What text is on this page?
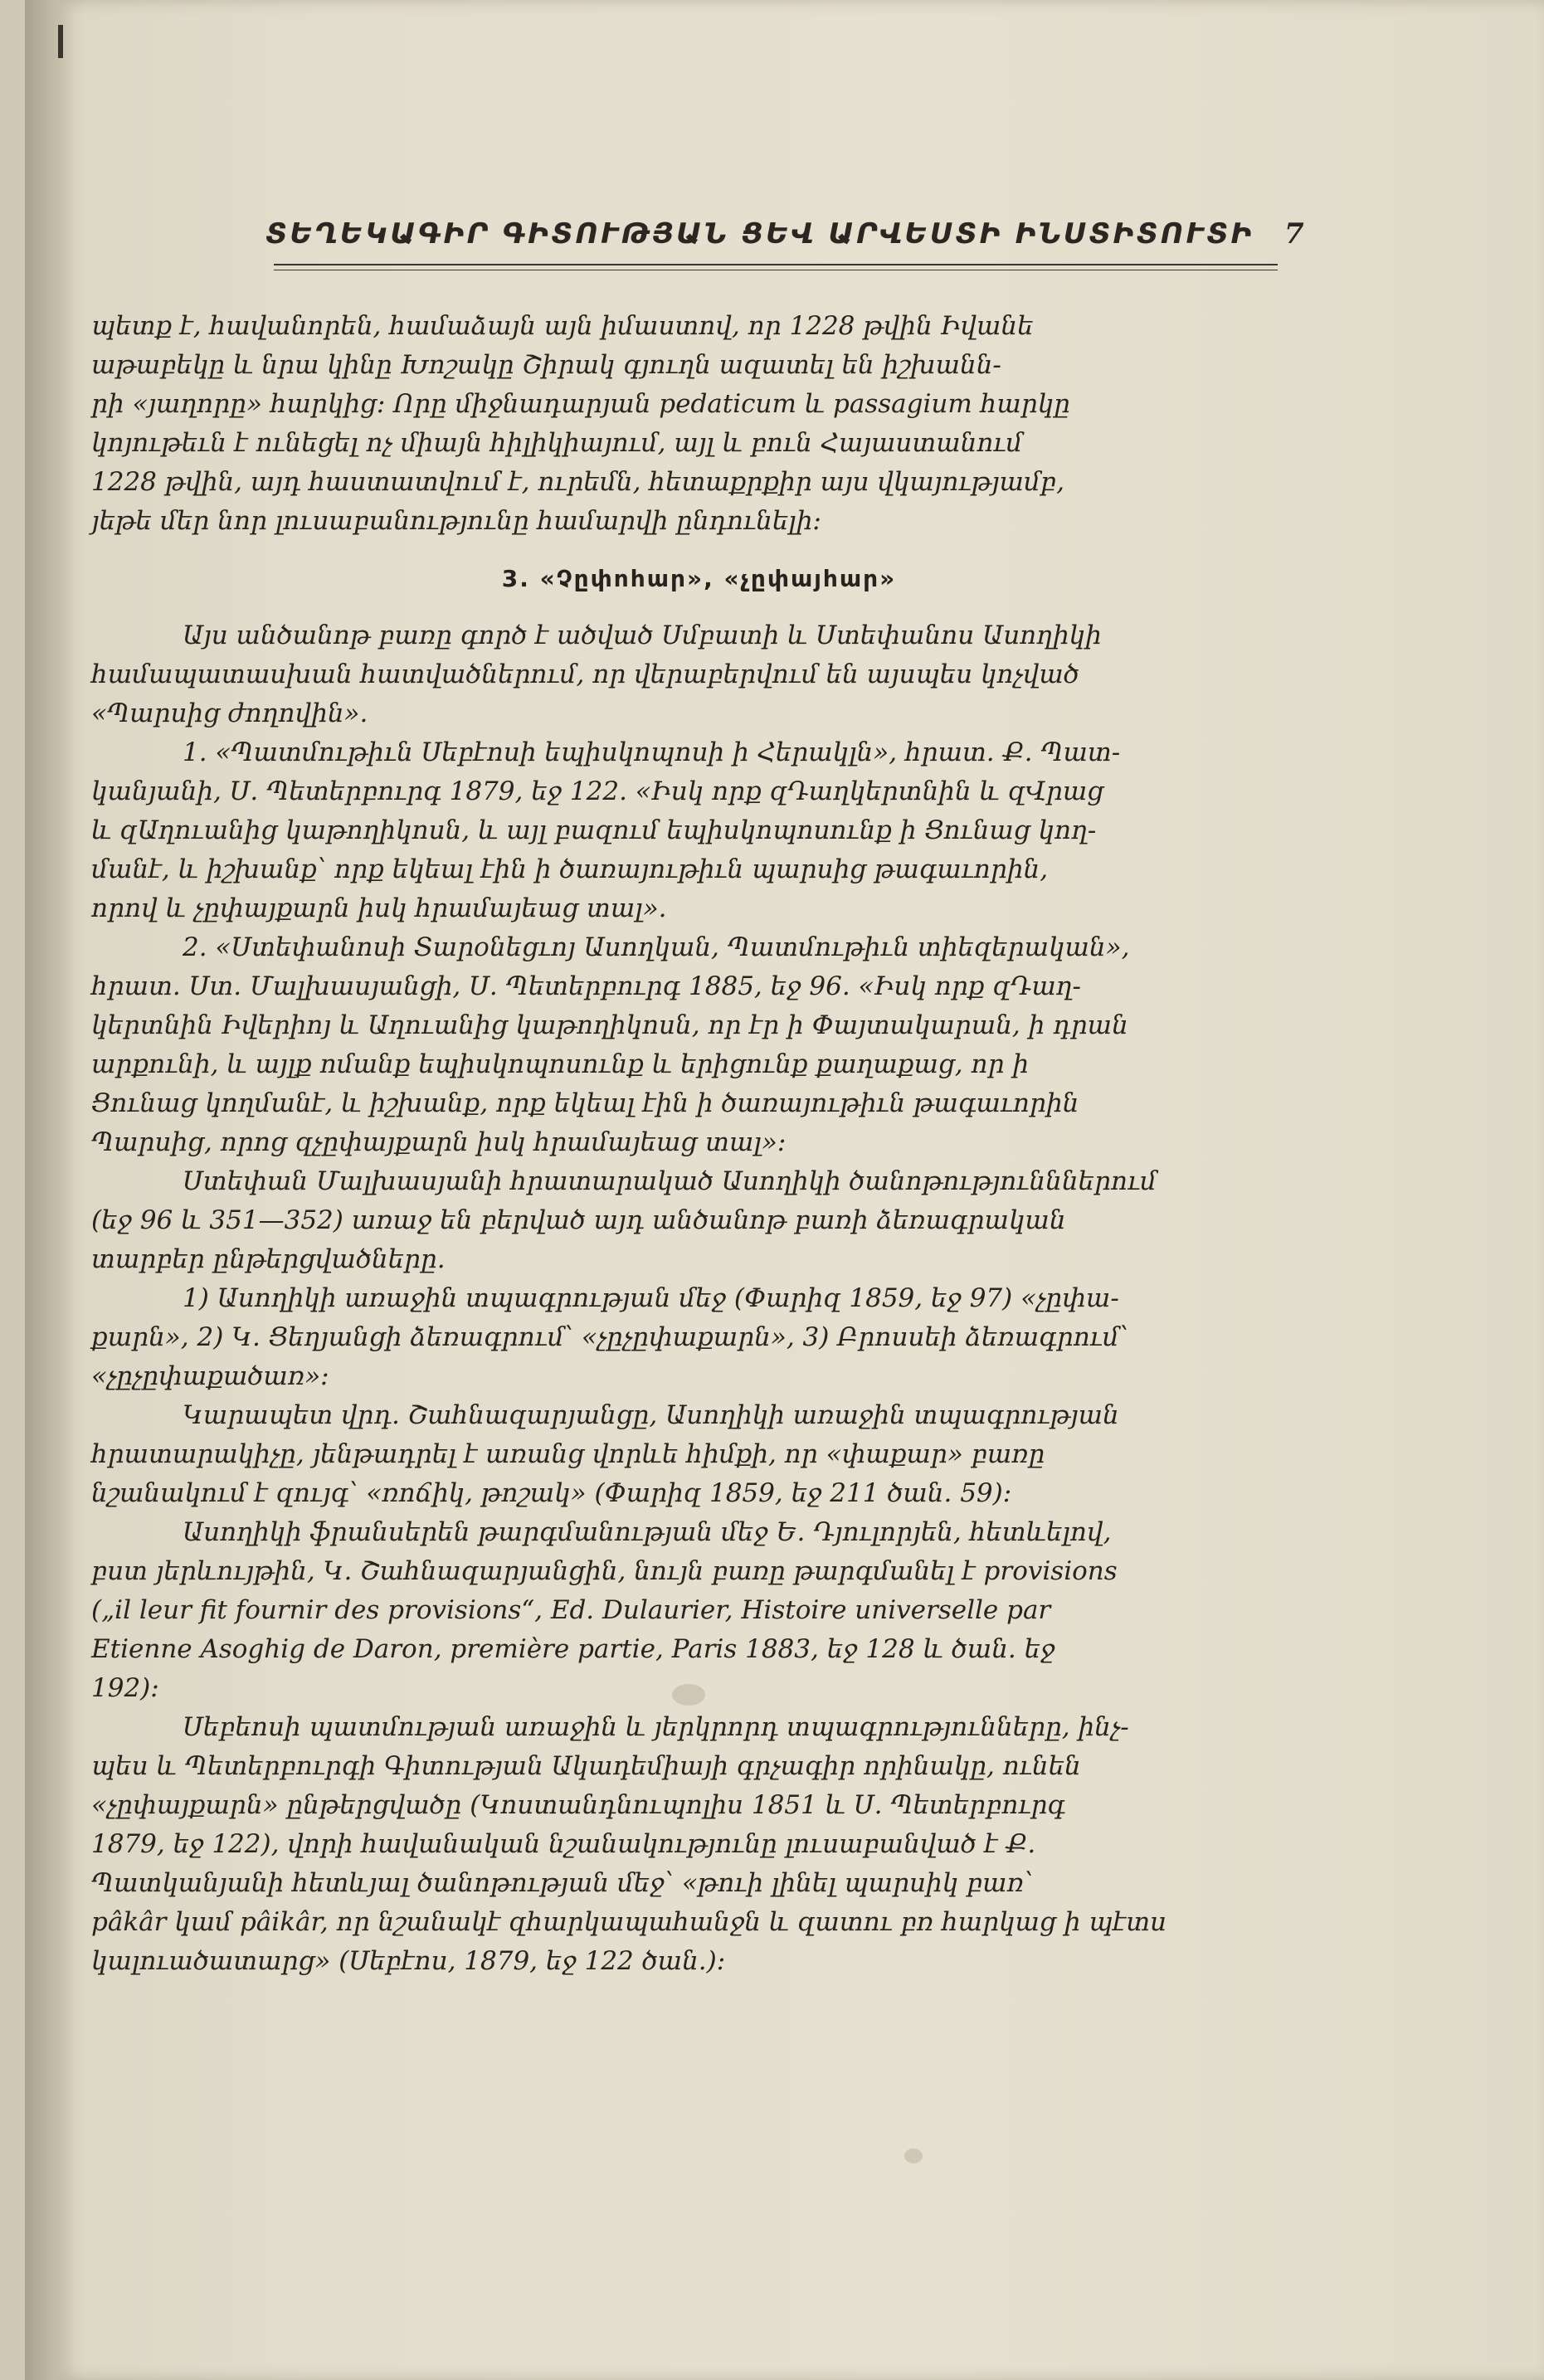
ՏԵՂԵԿԱԳԻՐ ԳԻՏՈՒԹՅԱՆ ՑԵՎ ԱՐՎԵՍՏԻ ԻՆՍՏԻՏՈՒՏԻ 7
պետք է, հավանորեն, համաձայն այն իմաստով, որ 1228 թվին Իվանե
աթաբեկը և նրա կինը Խոշակը Շիրակ գյուղն ազատել են իշխանն-
րի «յաղորը» հարկից։ Որը միջնադարյան pedaticum և passagium հարկը
կոյութեւն է ունեցել ոչ միայն հիլիկիայում, այլ և բուն Հայաստանում
1228 թվին, այդ հաստատվում է, ուրեմն, հետաքրքիր այս վկայությամբ,
յեթե մեր նոր լուսաբանությունը համարվի ընդունելի։
3. «Չըփոհար», «չըփայհար»
Այս անծանոթ բառը գործ է ածված Սմբատի և Ստեփանոս Ասողիկի
համապատասխան հատվածներում, որ վերաբերվում են այսպես կոչված
«Պարսից ժողովին».
1. «Պատմութիւն Սեբէոսի եպիսկոպոսի ի Հերակլն», հրատ. Ք. Պատ-
կանյանի, Ս. Պետերբուրգ 1879, եջ 122. «Իսկ որք զԴաղկերտնին և զՎրաց
և զԱղուանից կաթողիկոսն, և այլ բազում եպիսկոպոսունք ի Ցունաց կող-
մանէ, և իշխանք՝ որք եկեալ էին ի ծառայութիւն պարսից թագաւորին,
որով և չըփայքարն իսկ հրամայեաց տալ».
2. «Ստեփանոսի Տարօնեցւոյ Ասողկան, Պատմութիւն տիեզերական»,
հրատ. Ստ. Մալխասյանցի, Ս. Պետերբուրգ 1885, եջ 96. «Իսկ որք զԴաղ-
կերտնին Իվերիոյ և Աղուանից կաթողիկոսն, որ էր ի Փայտակարան, ի դրան
արքունի, և այլք ոմանք եպիսկոպոսունք և երիցունք քաղաքաց, որ ի
Ցունաց կողմանէ, և իշխանք, որք եկեալ էին ի ծառայութիւն թագաւորին
Պարսից, որոց զչըփայքարն իսկ հրամայեաց տալ»։
Ստեփան Մալխասյանի հրատարակած Ասողիկի ծանոթությունններում
(եջ 96 և 351—352) առաջ են բերված այդ անծանոթ բառի ձեռագրական
տարբեր ընթերցվածները.
1) Ասողիկի առաջին տպագրության մեջ (Փարիզ 1859, եջ 97) «չըփա-
քարն», 2) Կ. Ցեղյանցի ձեռագրում՝ «չըչըփաքարն», 3) Բրոսսեի ձեռագրում՝
«չըչըփաքածառ»։
Կարապետ վրդ. Շահնազարյանցը, Ասողիկի առաջին տպագրության
հրատարակիչը, յենթադրել է առանց վորևե հիմքի, որ «փաքար» բառը
նշանակում է զույգ՝ «ռոճիկ, թոշակ» (Փարիզ 1859, եջ 211 ծան. 59)։
Ասողիկի ֆրանսերեն թարգմանության մեջ Ե. Դյուլորյեն, հետևելով,
բստ յերևույթին, Կ. Շահնազարյանցին, նույն բառը թարգմանել է provisions
(„il leur fit fournir des provisions“, Ed. Dulaurier, Histoire universelle par
Etienne Asoghig de Daron, première partie, Paris 1883, եջ 128 և ծան. եջ
192)։
Սեբեոսի պատմության առաջին և յերկրորդ տպագրությունները, ինչ-
պես և Պետերբուրգի Գիտության Ակադեմիայի գրչագիր որինակը, ունեն
«չըփայքարն» ընթերցվածը (Կոստանդնուպոլիս 1851 և Ս. Պետերբուրգ
1879, եջ 122), վորի հավանական նշանակությունը լուսաբանված է Ք.
Պատկանյանի հետևյալ ծանոթության մեջ՝ «թուի լինել պարսիկ բառ՝
pâkâr կամ pâikâr, որ նշանակէ զհարկապահանջն և զատու բռ հարկաց ի պէտս
կալուածատարց» (Սեբէոս, 1879, եջ 122 ծան.)։
